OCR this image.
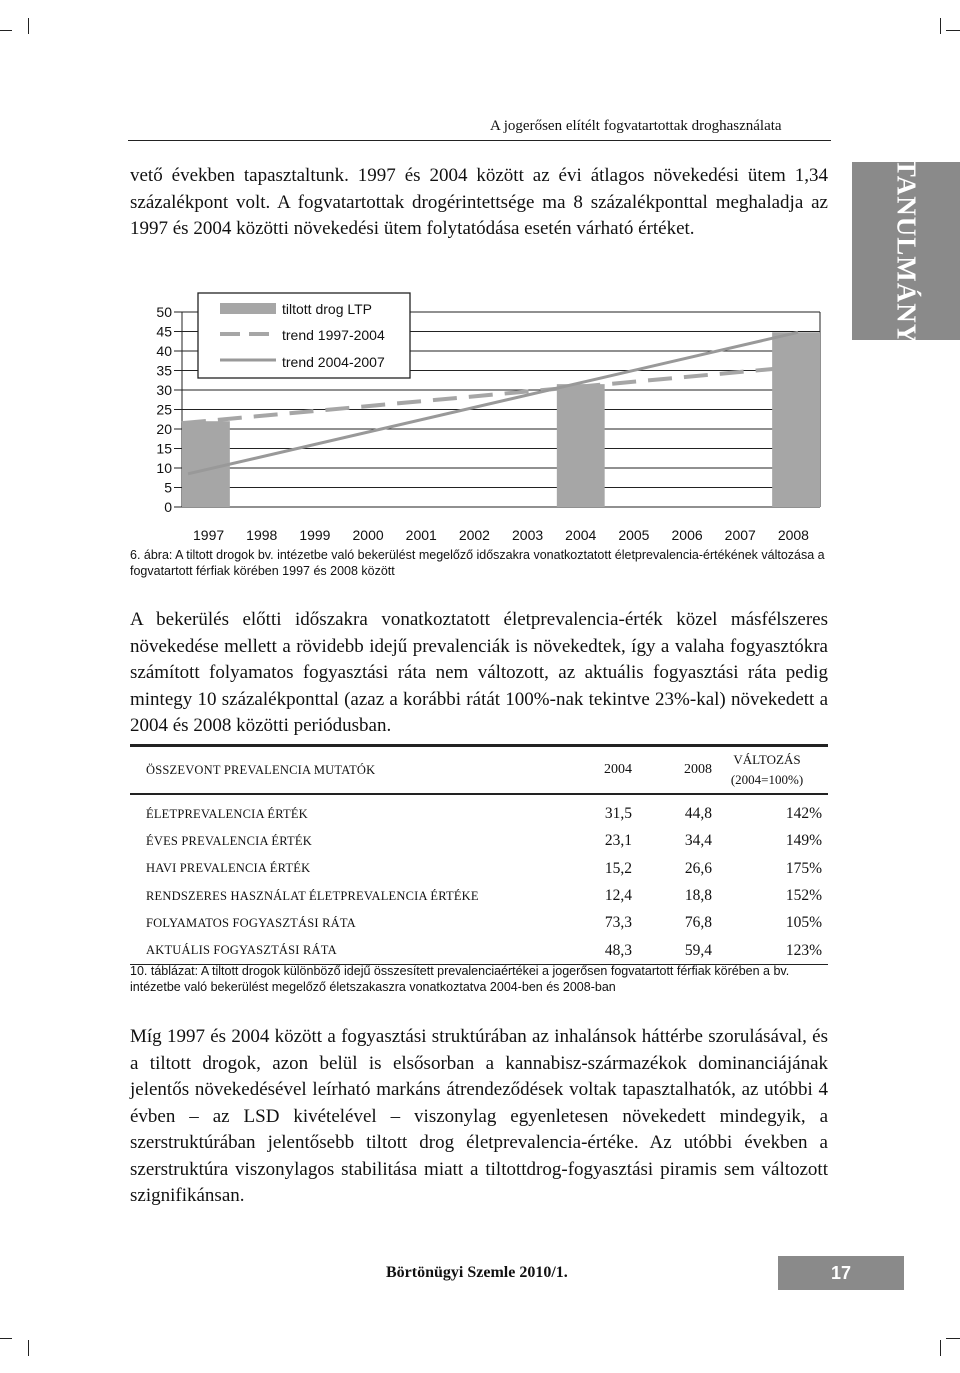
A jogerősen elítélt fogvatartottak droghasználata
TANULMÁNY

vető években tapasztaltunk. 1997 és 2004 között az évi átlagos növekedési ütem 1,34 százalékpont volt. A fogvatartottak drogérintettsége ma 8 százalékponttal meghaladja az 1997 és 2004 közötti növekedési ütem folytatódása esetén várható értéket.

50
45
40
35
30
25
20
15
10
5
0
1997 1998 1999 2000 2001 2002 2003 2004 2005 2006 2007 2008
tiltott drog LTP
trend 1997-2004
trend 2004-2007

6. ábra: A tiltott drogok bv. intézetbe való bekerülést megelőző időszakra vonatkoztatott életprevalencia-értékének változása a fogvatartott férfiak körében 1997 és 2008 között

A bekerülés előtti időszakra vonatkoztatott életprevalencia-érték közel másfélszeres növekedése mellett a rövidebb idejű prevalenciák is növekedtek, így a valaha fogyasztókra számított folyamatos fogyasztási ráta nem változott, az aktuális fogyasztási ráta pedig mintegy 10 százalékponttal (azaz a korábbi rátát 100%-nak tekintve 23%-kal) növekedett a 2004 és 2008 közötti periódusban.

ÖSSZEVONT PREVALENCIA MUTATÓK	2004	2008
VÁLTOZÁS
(2004=100%)
ÉLETPREVALENCIA ÉRTÉK	31,5	44,8	142%
ÉVES PREVALENCIA ÉRTÉK	23,1	34,4	149%
HAVI PREVALENCIA ÉRTÉK	15,2	26,6	175%
RENDSZERES HASZNÁLAT ÉLETPREVALENCIA ÉRTÉKE	12,4	18,8	152%
FOLYAMATOS FOGYASZTÁSI RÁTA	73,3	76,8	105%
AKTUÁLIS FOGYASZTÁSI RÁTA	48,3	59,4	123%

10. táblázat: A tiltott drogok különböző idejű összesített prevalenciaértékei a jogerősen fogvatartott férfiak körében a bv. intézetbe való bekerülést megelőző életszakaszra vonatkoztatva 2004-ben és 2008-ban

Míg 1997 és 2004 között a fogyasztási struktúrában az inhalánsok háttérbe szorulásával, és a tiltott drogok, azon belül is elsősorban a kannabisz-származékok dominanciájának jelentős növekedésével leírható markáns átrendeződések voltak tapasztalhatók, az utóbbi 4 évben – az LSD kivételével – viszonylag egyenletesen növekedett mindegyik, a szerstruktúrában jelentősebb tiltott drog életprevalencia-értéke. Az utóbbi években a szerstruktúra viszonylagos stabilitása miatt a tiltottdrog-fogyasztási piramis sem változott szignifikánsan.

Börtönügyi Szemle 2010/1.	17
